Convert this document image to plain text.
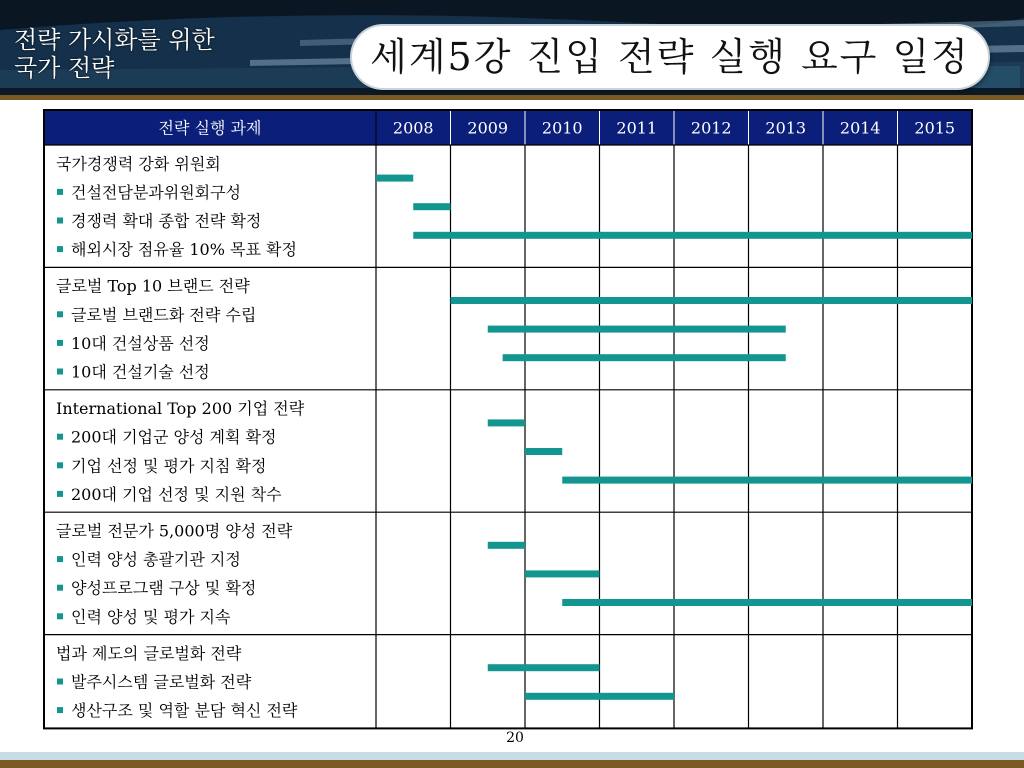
전략 가시화를 위한
국가 전략	세계5강 진입 전략 실행 요구 일정
전략 실행 과제	2008 2009 2010 2011 2012 2013 2014 2015
국가경쟁력 강화 위원회
건설전담분과위원회구성
경쟁력 확대 종합 전략 확정
해외시장 점유율 10% 목표 확정
글로벌 Top 10 브랜드 전략
글로벌 브랜드화 전략 수립
10대 건설상품 선정
10대 건설기술 선정
International Top 200 기업 전략
200대 기업군 양성 계획 확정
기업 선정 및 평가 지침 확정
200대 기업 선정 및 지원 착수
글로벌 전문가 5,000명 양성 전략
인력 양성 총괄기관 지정
양성프로그램 구상 및 확정
인력 양성 및 평가 지속
법과 제도의 글로벌화 전략
발주시스템 글로벌화 전략
생산구조 및 역할 분담 혁신 전략
20
